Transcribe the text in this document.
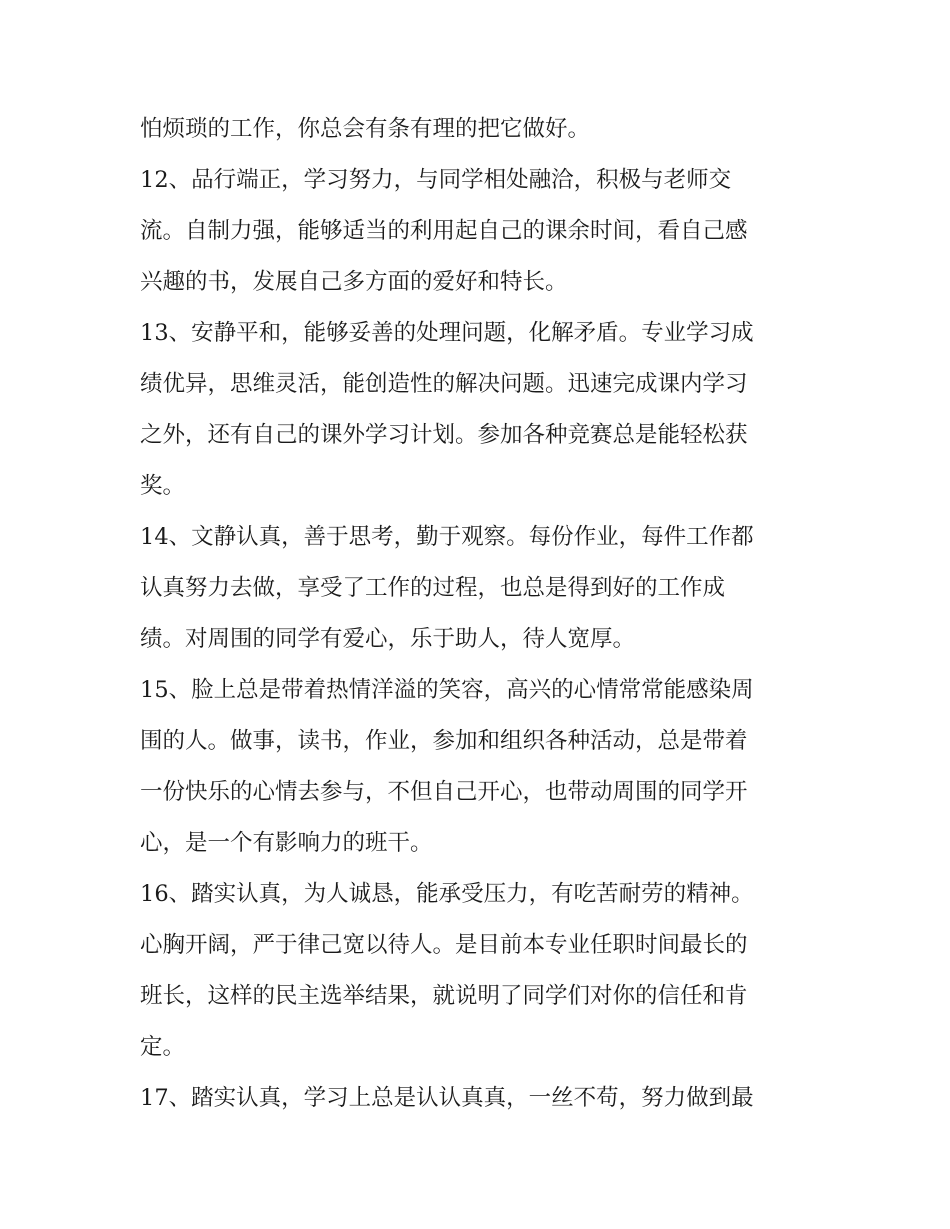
怕烦琐的工作，你总会有条有理的把它做好。
12、品行端正，学习努力，与同学相处融洽，积极与老师交
流。自制力强，能够适当的利用起自己的课余时间，看自己感
兴趣的书，发展自己多方面的爱好和特长。
13、安静平和，能够妥善的处理问题，化解矛盾。专业学习成
绩优异，思维灵活，能创造性的解决问题。迅速完成课内学习
之外，还有自己的课外学习计划。参加各种竞赛总是能轻松获
奖。
14、文静认真，善于思考，勤于观察。每份作业，每件工作都
认真努力去做，享受了工作的过程，也总是得到好的工作成
绩。对周围的同学有爱心，乐于助人，待人宽厚。
15、脸上总是带着热情洋溢的笑容，高兴的心情常常能感染周
围的人。做事，读书，作业，参加和组织各种活动，总是带着
一份快乐的心情去参与，不但自己开心，也带动周围的同学开
心，是一个有影响力的班干。
16、踏实认真，为人诚恳，能承受压力，有吃苦耐劳的精神。
心胸开阔，严于律己宽以待人。是目前本专业任职时间最长的
班长，这样的民主选举结果，就说明了同学们对你的信任和肯
定。
17、踏实认真，学习上总是认认真真，一丝不苟，努力做到最
